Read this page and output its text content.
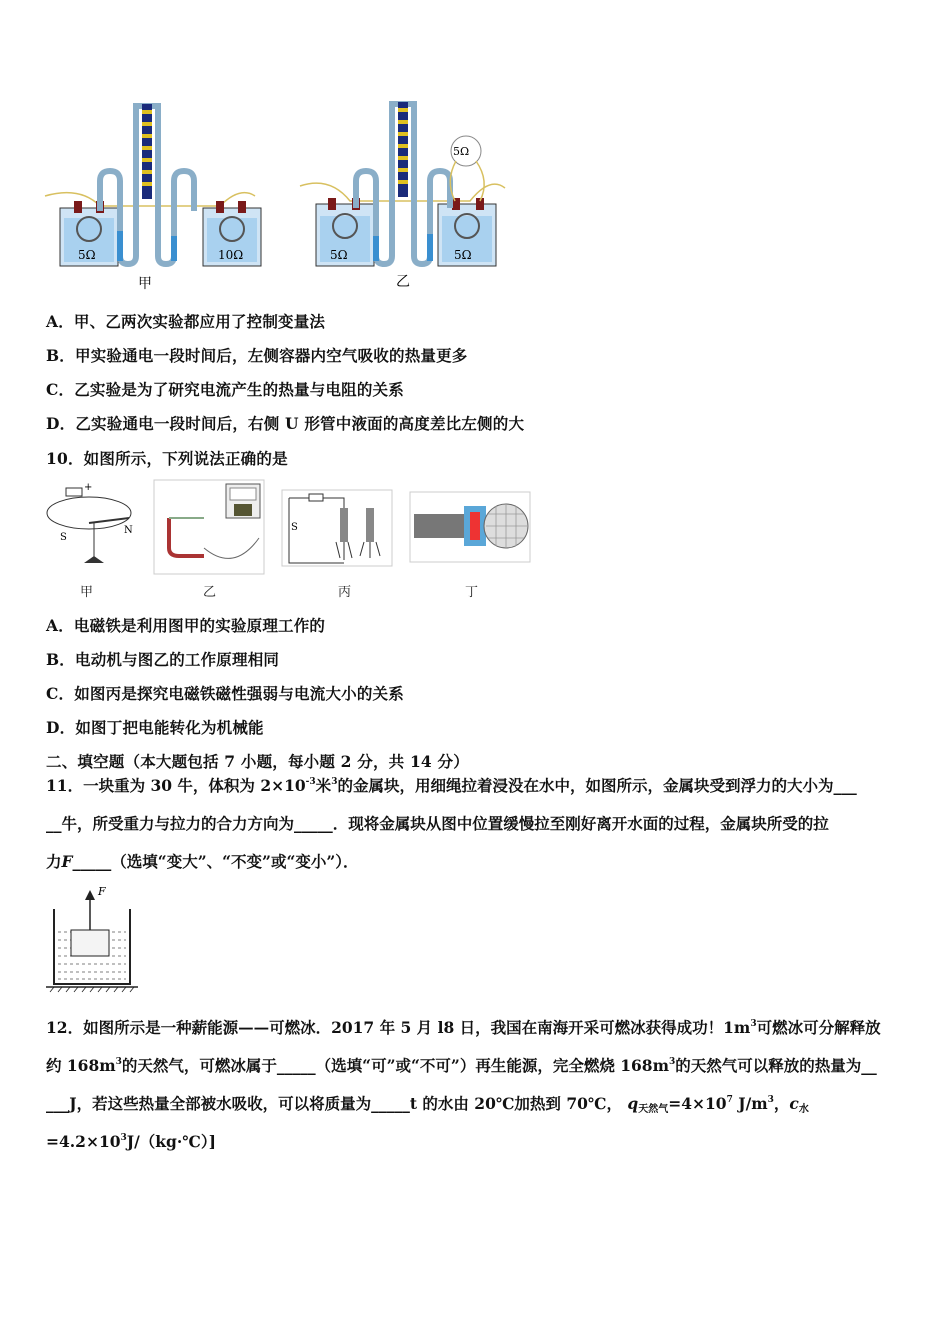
5Ω	10Ω
甲
5Ω
5Ω	5Ω
乙
A．甲、乙两次实验都应用了控制变量法
B．甲实验通电一段时间后，左侧容器内空气吸收的热量更多
C．乙实验是为了研究电流产生的热量与电阻的关系
D．乙实验通电一段时间后，右侧 U 形管中液面的高度差比左侧的大
10．如图所示，下列说法正确的是
+
S
N	S
甲	乙	丙	丁
A．电磁铁是利用图甲的实验原理工作的
B．电动机与图乙的工作原理相同
C．如图丙是探究电磁铁磁性强弱与电流大小的关系
D．如图丁把电能转化为机械能
二、填空题（本大题包括 7 小题，每小题 2 分，共 14 分）
11．一块重为 30 牛，体积为 $2\times 10^{-3}$米$^3$的金属块，用细绳拉着浸没在水中，如图所示，金属块受到浮力的大小为___
__牛，所受重力与拉力的合力方向为_____．现将金属块从图中位置缓慢拉至刚好离开水面的过程，金属块所受的拉
力F_____（选填“变大”、“不变”或“变小”）．
F
12．如图所示是一种薪能源——可燃冰．2017 年 5 月 l8 日，我国在南海开采可燃冰获得成功！$1m^3$可燃冰可分解释放
约 $168m^3$的天然气，可燃冰属于_____（选填“可”或“不可”）再生能源，完全燃烧 $168m^3$的天然气可以释放的热量为__
___J，若这些热量全部被水吸收，可以将质量为_____t 的水由 20℃加热到 70℃， $q_{天然气}=4\times 10^7$ $J/m^3$，$c_水$
$=4.2\times 10^3J/(kg\cdot℃)$]
